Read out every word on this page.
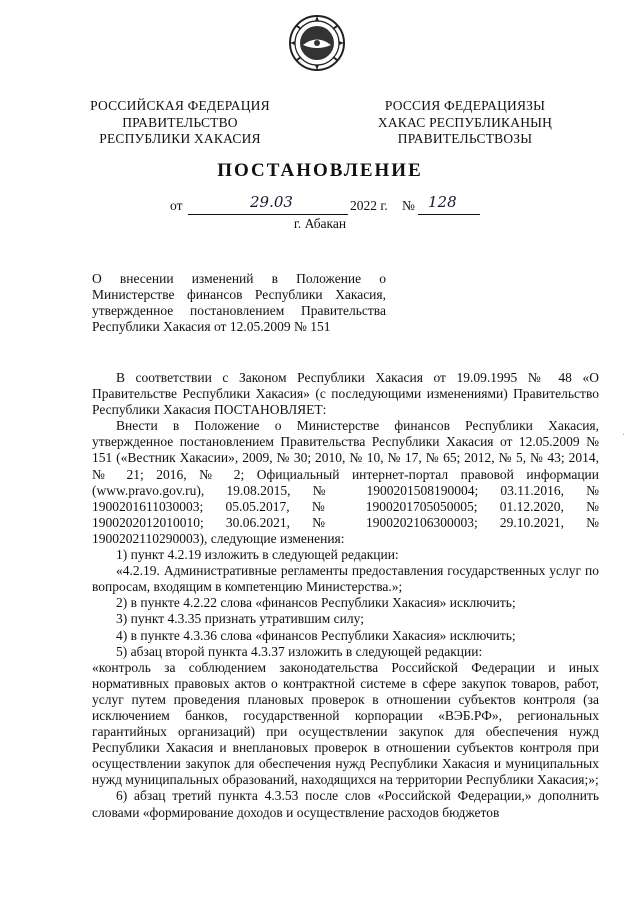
РОССИЙСКАЯ ФЕДЕРАЦИЯ
ПРАВИТЕЛЬСТВО
РЕСПУБЛИКИ ХАКАСИЯ
РОССИЯ ФЕДЕРАЦИЯЗЫ
ХАКАС РЕСПУБЛИКАНЫҢ
ПРАВИТЕЛЬСТВОЗЫ
ПОСТАНОВЛЕНИЕ
от	29.03	2022 г. № 128
г. Абакан

О внесении изменений в Положение о Министерстве финансов Республики Хакасия, утвержденное постановлением Правительства Республики Хакасия от 12.05.2009 № 151

В соответствии с Законом Республики Хакасия от 19.09.1995 № 48 «О Правительстве Республики Хакасия» (с последующими изменениями) Правительство Республики Хакасия ПОСТАНОВЛЯЕТ:

Внести в Положение о Министерстве финансов Республики Хакасия, утвержденное постановлением Правительства Республики Хакасия от 12.05.2009 № 151 («Вестник Хакасии», 2009, № 30; 2010, № 10, № 17, № 65; 2012, № 5, № 43; 2014, № 21; 2016, № 2; Официальный интернет-портал правовой информации (www.pravo.gov.ru), 19.08.2015, № 1900201508190004; 03.11.2016, № 1900201611030003; 05.05.2017, № 1900201705050005; 01.12.2020, № 1900202012010010; 30.06.2021, № 1900202106300003; 29.10.2021, № 1900202110290003), следующие изменения:

1) пункт 4.2.19 изложить в следующей редакции:

«4.2.19. Административные регламенты предоставления государственных услуг по вопросам, входящим в компетенцию Министерства.»;

2) в пункте 4.2.22 слова «финансов Республики Хакасия» исключить;

3) пункт 4.3.35 признать утратившим силу;

4) в пункте 4.3.36 слова «финансов Республики Хакасия» исключить;

5) абзац второй пункта 4.3.37 изложить в следующей редакции:

«контроль за соблюдением законодательства Российской Федерации и иных нормативных правовых актов о контрактной системе в сфере закупок товаров, работ, услуг путем проведения плановых проверок в отношении субъектов контроля (за исключением банков, государственной корпорации «ВЭБ.РФ», региональных гарантийных организаций) при осуществлении закупок для обеспечения нужд Республики Хакасия и внеплановых проверок в отношении субъектов контроля при осуществлении закупок для обеспечения нужд Республики Хакасия и муниципальных нужд муниципальных образований, находящихся на территории Республики Хакасия;»;

6) абзац третий пункта 4.3.53 после слов «Российской Федерации,» дополнить словами «формирование доходов и осуществление расходов бюджетов

·
